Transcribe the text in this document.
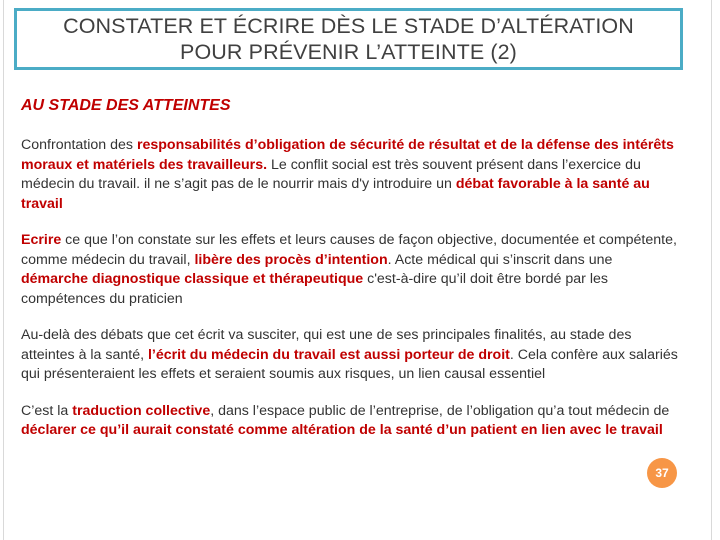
CONSTATER ET ÉCRIRE DÈS LE STADE D’ALTÉRATION
POUR PRÉVENIR L’ATTEINTE (2)
AU STADE DES ATTEINTES
Confrontation des responsabilités d’obligation de sécurité de résultat et de la défense des intérêts moraux et matériels des travailleurs. Le conflit social est très souvent présent dans l’exercice du médecin du travail. il ne s’agit pas de le nourrir mais d'y introduire un débat favorable à la santé au travail
Ecrire ce que l’on constate sur les effets et leurs causes de façon objective, documentée et compétente, comme médecin du travail, libère des procès d’intention. Acte médical qui s’inscrit dans une démarche diagnostique classique et thérapeutique c'est-à-dire qu’il doit être bordé par les compétences du praticien
Au-delà des débats que cet écrit va susciter, qui est une de ses principales finalités, au stade des atteintes à la santé, l’écrit du médecin du travail est aussi porteur de droit. Cela confère aux salariés qui présenteraient les effets et seraient soumis aux risques, un lien causal essentiel
C’est la traduction collective, dans l’espace public de l’entreprise, de l’obligation qu’a tout médecin de déclarer ce qu’il aurait constaté comme altération de la santé d’un patient en lien avec le travail
37
